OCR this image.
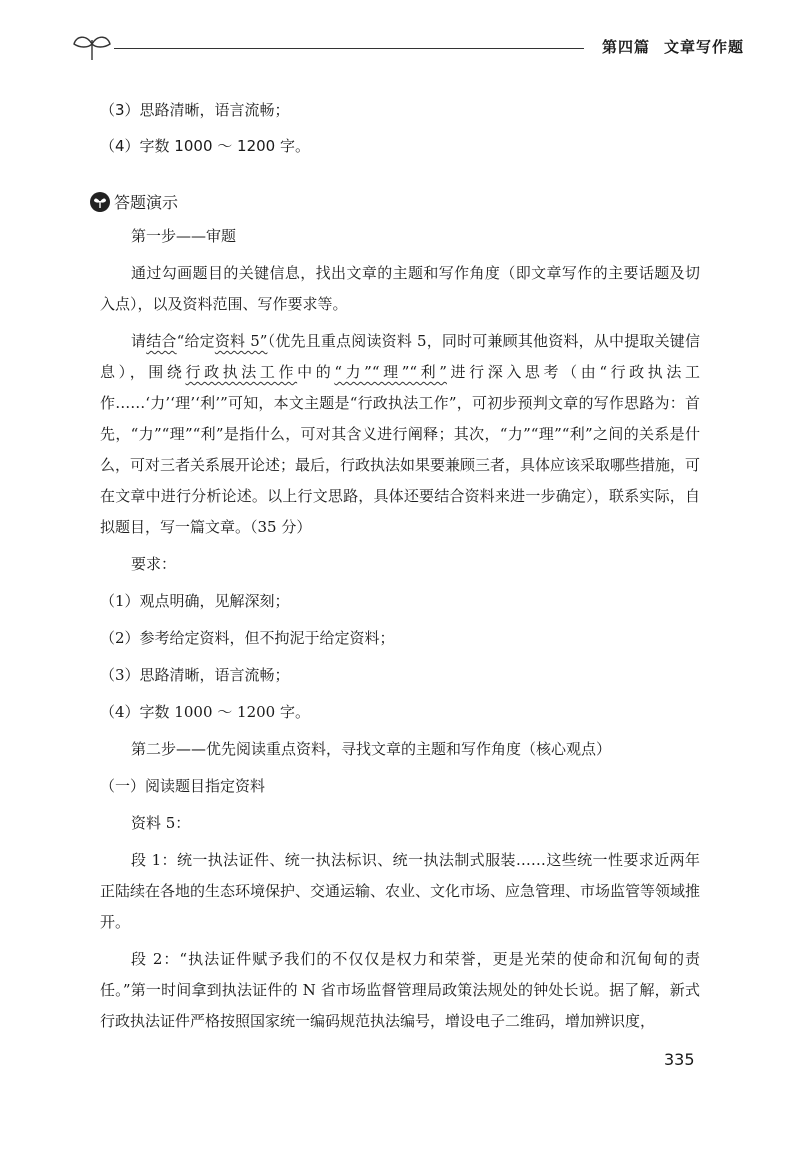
第四篇 文章写作题
（3）思路清晰，语言流畅；
（4）字数 1000 ～ 1200 字。
答题演示
第一步——审题
通过勾画题目的关键信息，找出文章的主题和写作角度（即文章写作的主要话题及切入点），以及资料范围、写作要求等。
请结合“给定资料 5”（优先且重点阅读资料 5，同时可兼顾其他资料，从中提取关键信息），围绕行政执法工作中的“力”“理”“利”进行深入思考（由“行政执法工作……‘力’‘理’‘利’”可知，本文主题是“行政执法工作”，可初步预判文章的写作思路为：首先，“力”“理”“利”是指什么，可对其含义进行阐释；其次，“力”“理”“利”之间的关系是什么，可对三者关系展开论述；最后，行政执法如果要兼顾三者，具体应该采取哪些措施，可在文章中进行分析论述。以上行文思路，具体还要结合资料来进一步确定），联系实际，自拟题目，写一篇文章。（35 分）
要求：
（1）观点明确，见解深刻；
（2）参考给定资料，但不拘泥于给定资料；
（3）思路清晰，语言流畅；
（4）字数 1000 ～ 1200 字。
第二步——优先阅读重点资料，寻找文章的主题和写作角度（核心观点）
（一）阅读题目指定资料
资料 5：
段 1：统一执法证件、统一执法标识、统一执法制式服装……这些统一性要求近两年正陆续在各地的生态环境保护、交通运输、农业、文化市场、应急管理、市场监管等领域推开。
段 2：“执法证件赋予我们的不仅仅是权力和荣誉，更是光荣的使命和沉甸甸的责任。”第一时间拿到执法证件的 N 省市场监督管理局政策法规处的钟处长说。据了解，新式行政执法证件严格按照国家统一编码规范执法编号，增设电子二维码，增加辨识度，
335
